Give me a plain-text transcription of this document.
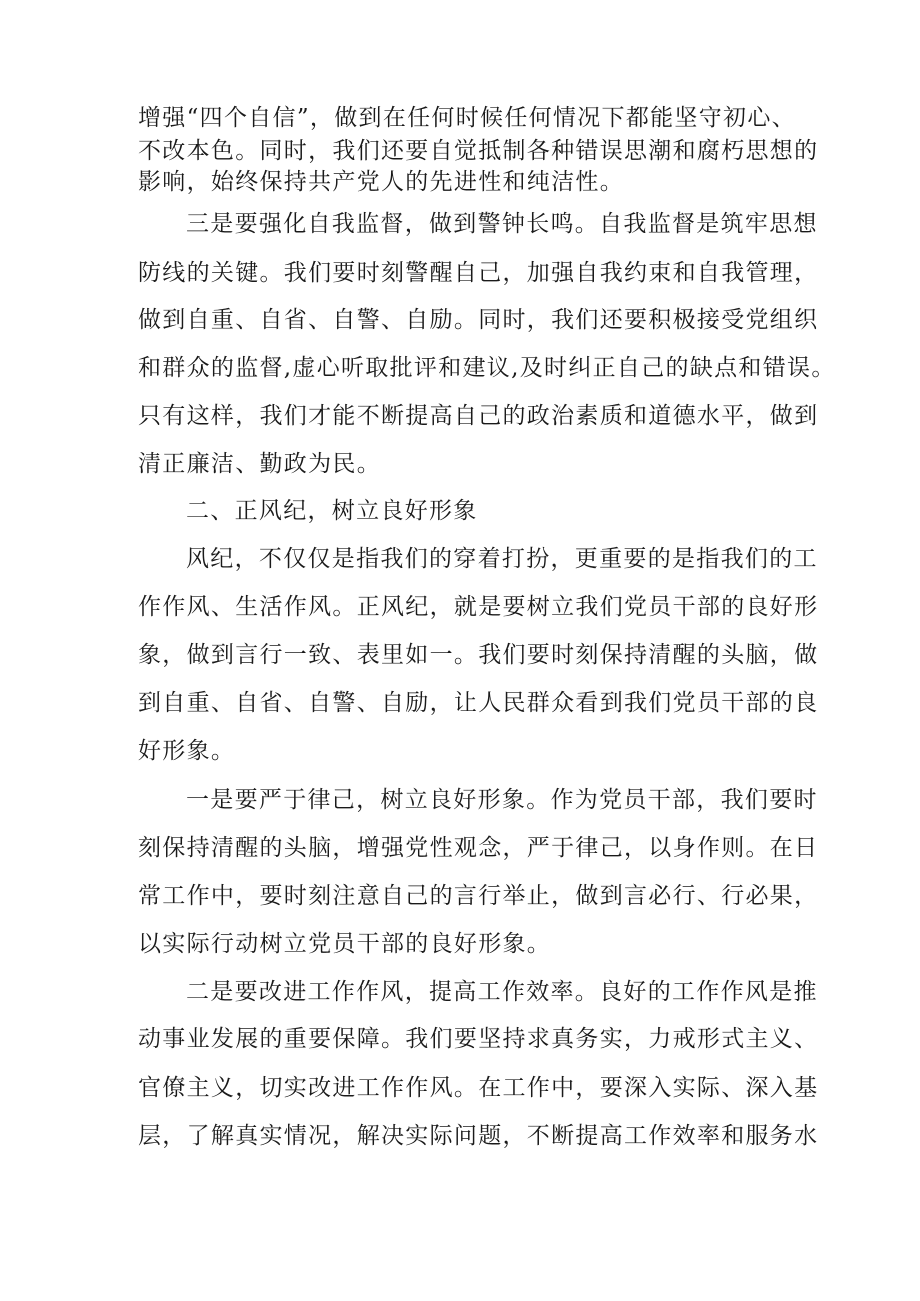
增强“四个自信”，做到在任何时候任何情况下都能坚守初心、
不改本色。同时，我们还要自觉抵制各种错误思潮和腐朽思想的
影响，始终保持共产党人的先进性和纯洁性。
三是要强化自我监督，做到警钟长鸣。自我监督是筑牢思想
防线的关键。我们要时刻警醒自己，加强自我约束和自我管理，
做到自重、自省、自警、自励。同时，我们还要积极接受党组织
和群众的监督,虚心听取批评和建议,及时纠正自己的缺点和错误。
只有这样，我们才能不断提高自己的政治素质和道德水平，做到
清正廉洁、勤政为民。
二、正风纪，树立良好形象
风纪，不仅仅是指我们的穿着打扮，更重要的是指我们的工
作作风、生活作风。正风纪，就是要树立我们党员干部的良好形
象，做到言行一致、表里如一。我们要时刻保持清醒的头脑，做
到自重、自省、自警、自励，让人民群众看到我们党员干部的良
好形象。
一是要严于律己，树立良好形象。作为党员干部，我们要时
刻保持清醒的头脑，增强党性观念，严于律己，以身作则。在日
常工作中，要时刻注意自己的言行举止，做到言必行、行必果，
以实际行动树立党员干部的良好形象。
二是要改进工作作风，提高工作效率。良好的工作作风是推
动事业发展的重要保障。我们要坚持求真务实，力戒形式主义、
官僚主义，切实改进工作作风。在工作中，要深入实际、深入基
层，了解真实情况，解决实际问题，不断提高工作效率和服务水
